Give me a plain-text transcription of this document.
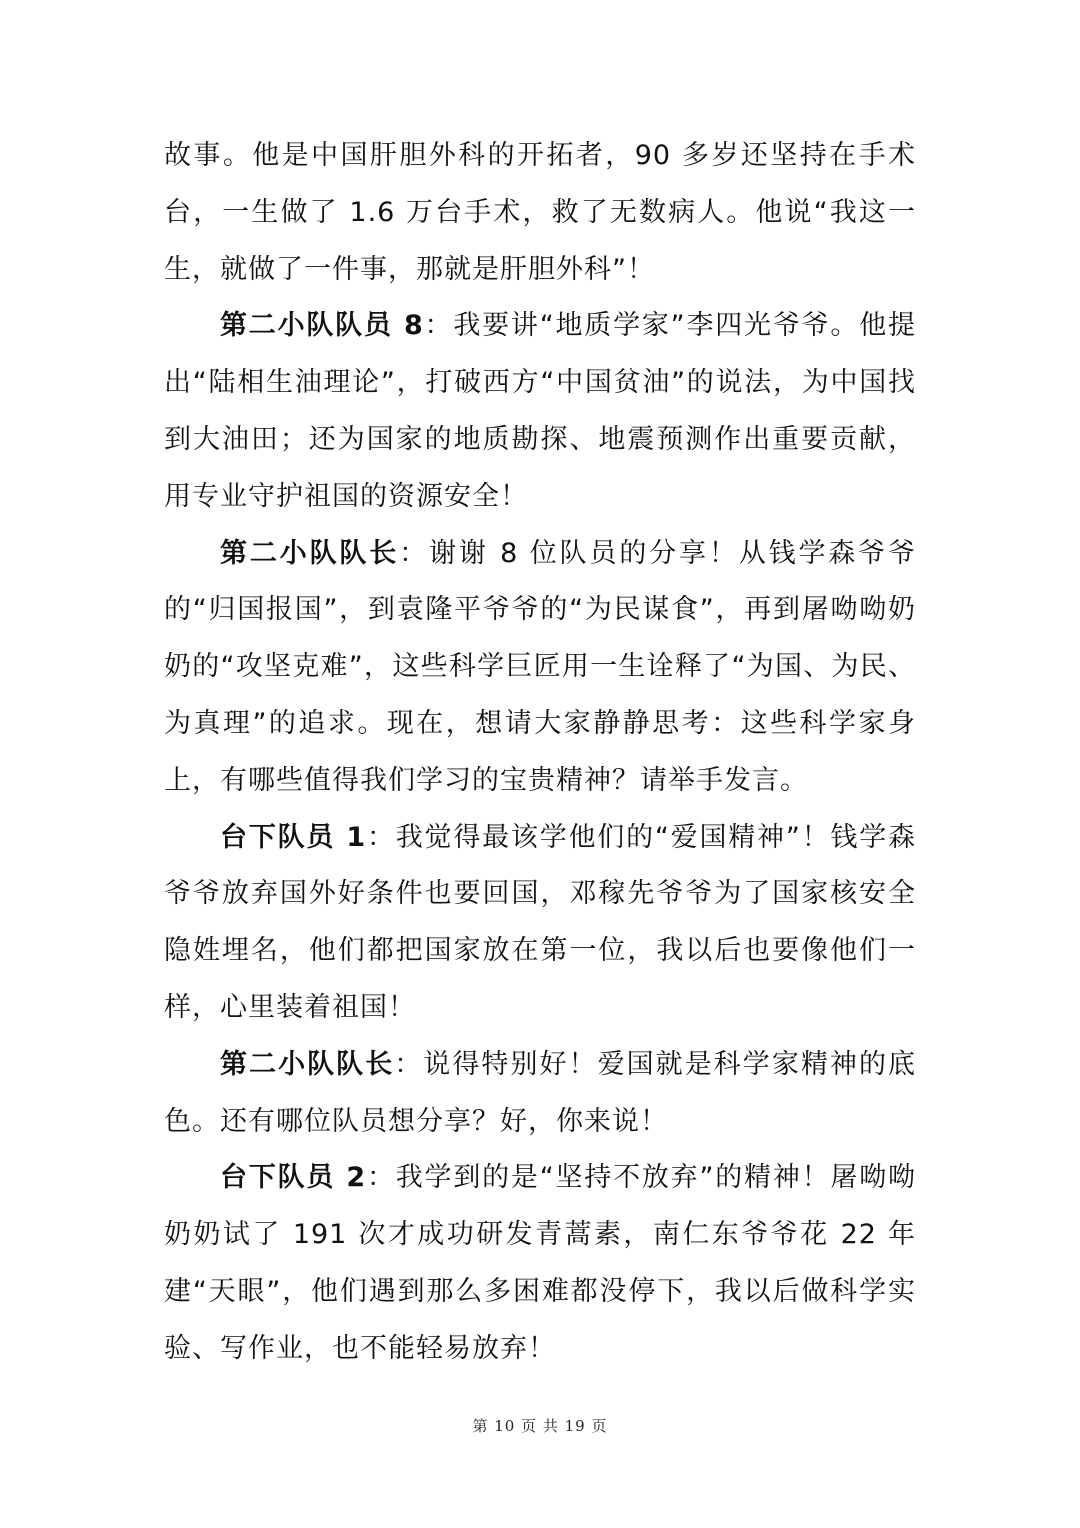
故事。他是中国肝胆外科的开拓者，90 多岁还坚持在手术台，一生做了 1.6 万台手术，救了无数病人。他说“我这一生，就做了一件事，那就是肝胆外科”！

第二小队队员 8：我要讲“地质学家”李四光爷爷。他提出“陆相生油理论”，打破西方“中国贫油”的说法，为中国找到大油田；还为国家的地质勘探、地震预测作出重要贡献，用专业守护祖国的资源安全！

第二小队队长：谢谢 8 位队员的分享！从钱学森爷爷的“归国报国”，到袁隆平爷爷的“为民谋食”，再到屠呦呦奶奶的“攻坚克难”，这些科学巨匠用一生诠释了“为国、为民、为真理”的追求。现在，想请大家静静思考：这些科学家身上，有哪些值得我们学习的宝贵精神？请举手发言。

台下队员 1：我觉得最该学他们的“爱国精神”！钱学森爷爷放弃国外好条件也要回国，邓稼先爷爷为了国家核安全隐姓埋名，他们都把国家放在第一位，我以后也要像他们一样，心里装着祖国！

第二小队队长：说得特别好！爱国就是科学家精神的底色。还有哪位队员想分享？好，你来说！

台下队员 2：我学到的是“坚持不放弃”的精神！屠呦呦奶奶试了 191 次才成功研发青蒿素，南仁东爷爷花 22 年建“天眼”，他们遇到那么多困难都没停下，我以后做科学实验、写作业，也不能轻易放弃！

第 10 页 共 19 页
